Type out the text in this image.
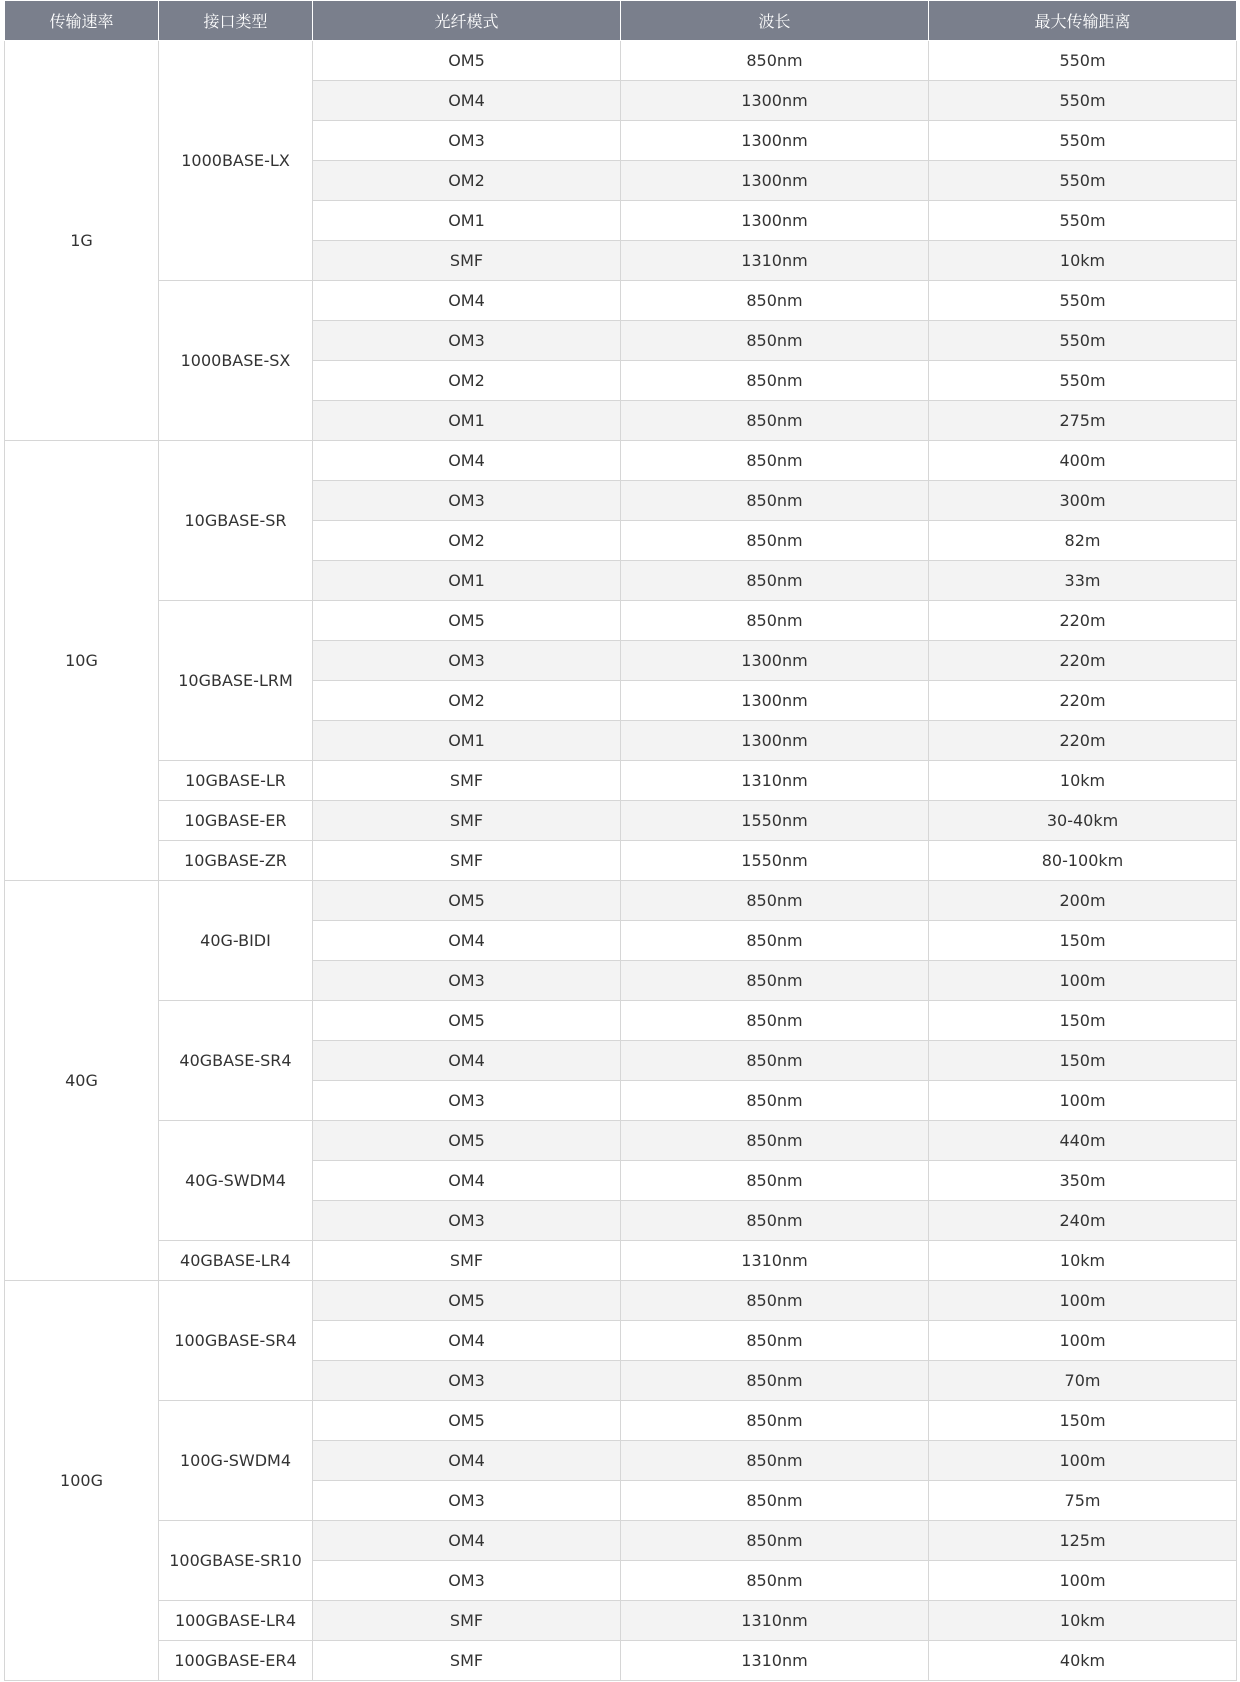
传输速率	接口类型	光纤模式	波长	最大传输距离
1G	1000BASE-LX	OM5	850nm	550m
		OM4	1300nm	550m
		OM3	1300nm	550m
		OM2	1300nm	550m
		OM1	1300nm	550m
		SMF	1310nm	10km
	1000BASE-SX	OM4	850nm	550m
		OM3	850nm	550m
		OM2	850nm	550m
		OM1	850nm	275m
10G	10GBASE-SR	OM4	850nm	400m
		OM3	850nm	300m
		OM2	850nm	82m
		OM1	850nm	33m
	10GBASE-LRM	OM5	850nm	220m
		OM3	1300nm	220m
		OM2	1300nm	220m
		OM1	1300nm	220m
	10GBASE-LR	SMF	1310nm	10km
	10GBASE-ER	SMF	1550nm	30-40km
	10GBASE-ZR	SMF	1550nm	80-100km
40G	40G-BIDI	OM5	850nm	200m
		OM4	850nm	150m
		OM3	850nm	100m
	40GBASE-SR4	OM5	850nm	150m
		OM4	850nm	150m
		OM3	850nm	100m
	40G-SWDM4	OM5	850nm	440m
		OM4	850nm	350m
		OM3	850nm	240m
	40GBASE-LR4	SMF	1310nm	10km
100G	100GBASE-SR4	OM5	850nm	100m
		OM4	850nm	100m
		OM3	850nm	70m
	100G-SWDM4	OM5	850nm	150m
		OM4	850nm	100m
		OM3	850nm	75m
	100GBASE-SR10	OM4	850nm	125m
		OM3	850nm	100m
	100GBASE-LR4	SMF	1310nm	10km
	100GBASE-ER4	SMF	1310nm	40km
